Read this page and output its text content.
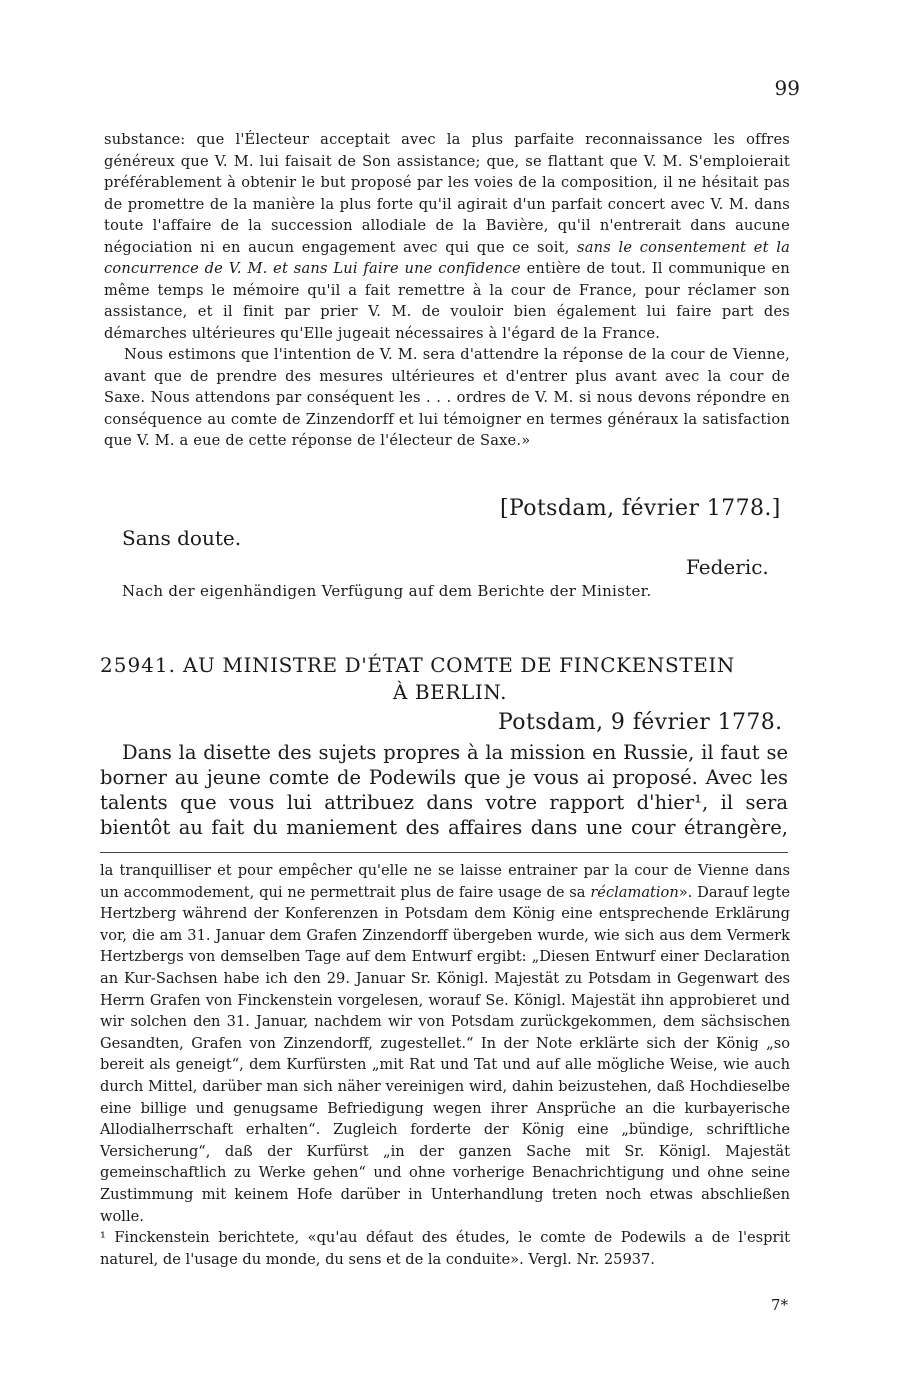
99

substance: que l'Électeur acceptait avec la plus parfaite reconnaissance les offres généreux que V. M. lui faisait de Son assistance; que, se flattant que V. M. S'emploierait préférablement à obtenir le but proposé par les voies de la composition, il ne hésitait pas de promettre de la manière la plus forte qu'il agirait d'un parfait concert avec V. M. dans toute l'affaire de la succession allodiale de la Bavière, qu'il n'entrerait dans aucune négociation ni en aucun engagement avec qui que ce soit, sans le consentement et la concurrence de V. M. et sans Lui faire une confidence entière de tout. Il communique en même temps le mémoire qu'il a fait remettre à la cour de France, pour réclamer son assistance, et il finit par prier V. M. de vouloir bien également lui faire part des démarches ultérieures qu'Elle jugeait nécessaires à l'égard de la France.

Nous estimons que l'intention de V. M. sera d'attendre la réponse de la cour de Vienne, avant que de prendre des mesures ultérieures et d'entrer plus avant avec la cour de Saxe. Nous attendons par conséquent les . . . ordres de V. M. si nous devons répondre en conséquence au comte de Zinzendorff et lui témoigner en termes généraux la satisfaction que V. M. a eue de cette réponse de l'électeur de Saxe.»

[Potsdam, février 1778.]
Sans doute.
Federic.
Nach der eigenhändigen Verfügung auf dem Berichte der Minister.
25941. AU MINISTRE D'ÉTAT COMTE DE FINCKENSTEIN
À BERLIN.
Potsdam, 9 février 1778.

Dans la disette des sujets propres à la mission en Russie, il faut se borner au jeune comte de Podewils que je vous ai proposé. Avec les talents que vous lui attribuez dans votre rapport d'hier¹, il sera bientôt au fait du maniement des affaires dans une cour étrangère,

la tranquilliser et pour empêcher qu'elle ne se laisse entrainer par la cour de Vienne dans un accommodement, qui ne permettrait plus de faire usage de sa réclamation». Darauf legte Hertzberg während der Konferenzen in Potsdam dem König eine entsprechende Erklärung vor, die am 31. Januar dem Grafen Zinzendorff übergeben wurde, wie sich aus dem Vermerk Hertzbergs von demselben Tage auf dem Entwurf ergibt: „Diesen Entwurf einer Declaration an Kur-Sachsen habe ich den 29. Januar Sr. Königl. Majestät zu Potsdam in Gegenwart des Herrn Grafen von Finckenstein vorgelesen, worauf Se. Königl. Majestät ihn approbieret und wir solchen den 31. Januar, nachdem wir von Potsdam zurückgekommen, dem sächsischen Gesandten, Grafen von Zinzendorff, zugestellet.“ In der Note erklärte sich der König „so bereit als geneigt“, dem Kurfürsten „mit Rat und Tat und auf alle mögliche Weise, wie auch durch Mittel, darüber man sich näher vereinigen wird, dahin beizustehen, daß Hochdieselbe eine billige und genugsame Befriedigung wegen ihrer Ansprüche an die kurbayerische Allodialherrschaft erhalten“. Zugleich forderte der König eine „bündige, schriftliche Versicherung“, daß der Kurfürst „in der ganzen Sache mit Sr. Königl. Majestät gemeinschaftlich zu Werke gehen“ und ohne vorherige Benachrichtigung und ohne seine Zustimmung mit keinem Hofe darüber in Unterhandlung treten noch etwas abschließen wolle.

¹ Finckenstein berichtete, «qu'au défaut des études, le comte de Podewils a de l'esprit naturel, de l'usage du monde, du sens et de la conduite». Vergl. Nr. 25937.

7*
